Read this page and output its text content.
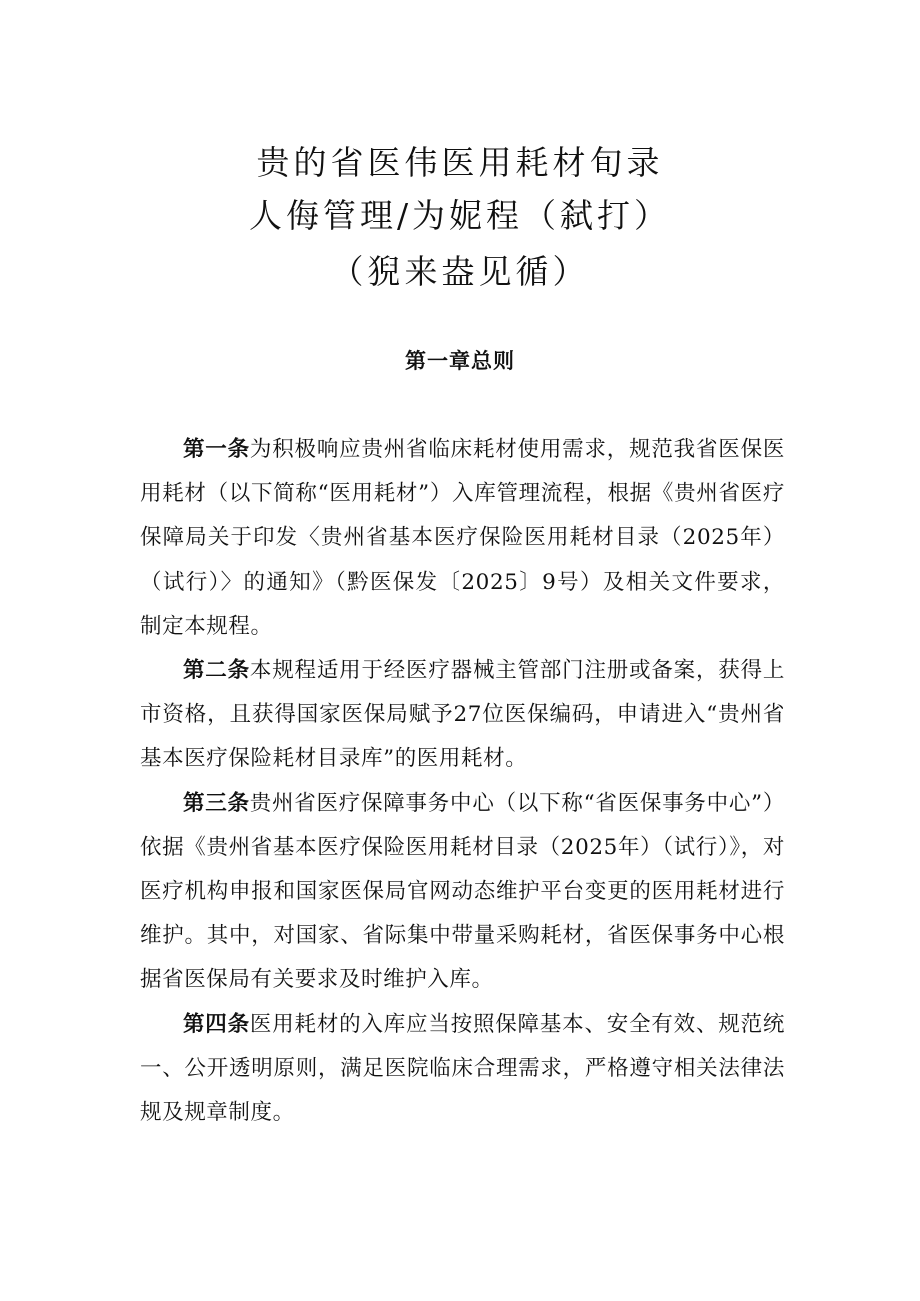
贵的省医伟医用耗材旬录
人侮管理/为妮程（弑打）
（猊来盎见循）
第一章总则

第一条为积极响应贵州省临床耗材使用需求，规范我省医保医用耗材（以下简称“医用耗材”）入库管理流程，根据《贵州省医疗保障局关于印发〈贵州省基本医疗保险医用耗材目录（2025年）（试行）〉的通知》（黔医保发〔2025〕9号）及相关文件要求，制定本规程。

第二条本规程适用于经医疗器械主管部门注册或备案，获得上市资格，且获得国家医保局赋予27位医保编码，申请进入“贵州省基本医疗保险耗材目录库”的医用耗材。

第三条贵州省医疗保障事务中心（以下称“省医保事务中心”）依据《贵州省基本医疗保险医用耗材目录（2025年）（试行）》，对医疗机构申报和国家医保局官网动态维护平台变更的医用耗材进行维护。其中，对国家、省际集中带量采购耗材，省医保事务中心根据省医保局有关要求及时维护入库。

第四条医用耗材的入库应当按照保障基本、安全有效、规范统一、公开透明原则，满足医院临床合理需求，严格遵守相关法律法规及规章制度。
